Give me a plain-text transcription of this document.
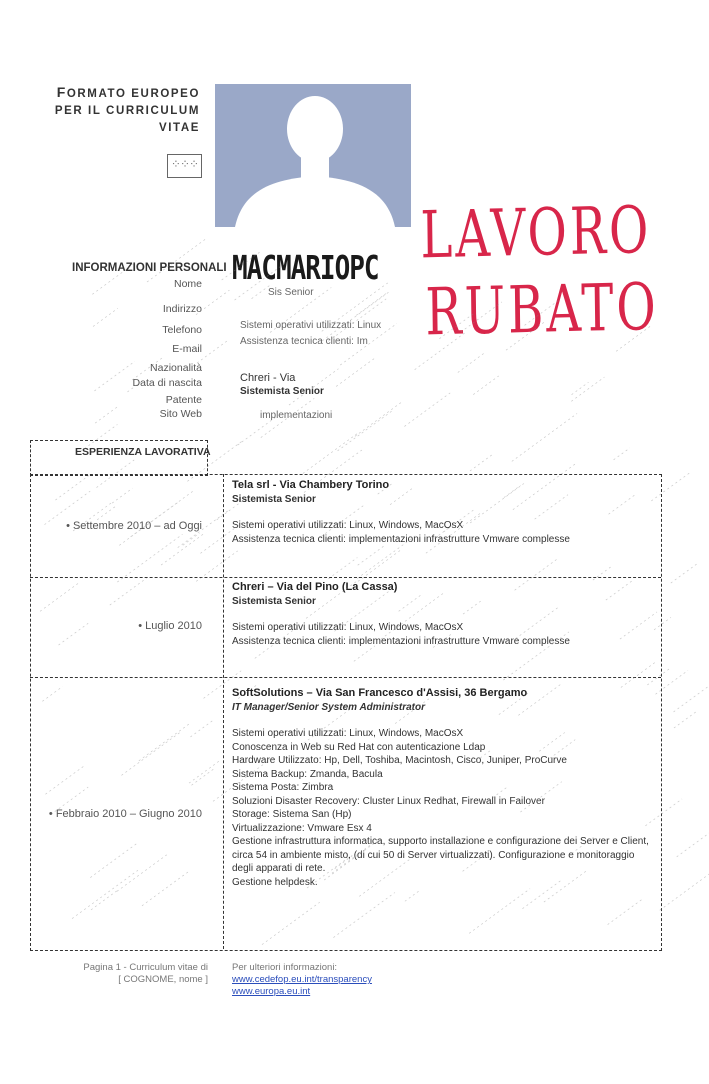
FORMATO EUROPEO
PER IL CURRICULUM
VITAE
⁘⁘⁘
LAVORO
RUBATO
INFORMAZIONI PERSONALI MACMARIOPC
Nome
Indirizzo
Telefono
E-mail
Nazionalità
Data di nascita
Patente
Sito Web
Sis Senior
Sistemi operativi utilizzati: Linux
Assistenza tecnica clienti: Im
Chreri - Via
Sistemista Senior
implementazioni
ESPERIENZA LAVORATIVA
• Settembre 2010 – ad Oggi
Tela srl - Via Chambery Torino
Sistemista Senior
Sistemi operativi utilizzati: Linux, Windows, MacOsX
Assistenza tecnica clienti: implementazioni infrastrutture Vmware complesse
• Luglio 2010
Chreri – Via del Pino (La Cassa)
Sistemista Senior
Sistemi operativi utilizzati: Linux, Windows, MacOsX
Assistenza tecnica clienti: implementazioni infrastrutture Vmware complesse
• Febbraio 2010 – Giugno 2010
SoftSolutions – Via San Francesco d'Assisi, 36 Bergamo
IT Manager/Senior System Administrator
Sistemi operativi utilizzati: Linux, Windows, MacOsX
Conoscenza in Web su Red Hat con autenticazione Ldap
Hardware Utilizzato: Hp, Dell, Toshiba, Macintosh, Cisco, Juniper, ProCurve
Sistema Backup: Zmanda, Bacula
Sistema Posta: Zimbra
Soluzioni Disaster Recovery: Cluster Linux Redhat, Firewall in Failover
Storage: Sistema San (Hp)
Virtualizzazione: Vmware Esx 4
Gestione infrastruttura informatica, supporto installazione e configurazione dei Server e Client,
circa 54 in ambiente misto, (di cui 50 di Server virtualizzati). Configurazione e monitoraggio
degli apparati di rete.
Gestione helpdesk.
Pagina 1 - Curriculum vitae di
[ COGNOME, nome ]
Per ulteriori informazioni:
www.cedefop.eu.int/transparency
www.europa.eu.int
